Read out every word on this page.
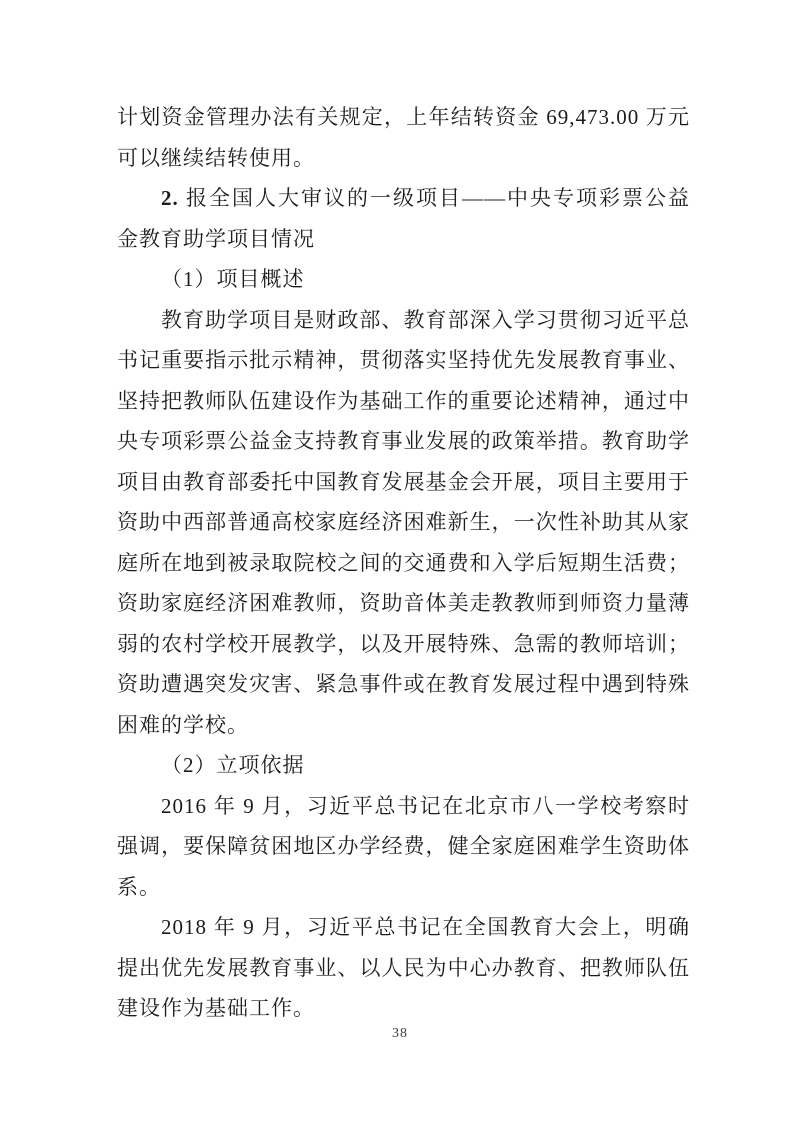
计划资金管理办法有关规定，上年结转资金 69,473.00 万元可以继续结转使用。

2. 报全国人大审议的一级项目——中央专项彩票公益金教育助学项目情况

（1）项目概述

教育助学项目是财政部、教育部深入学习贯彻习近平总书记重要指示批示精神，贯彻落实坚持优先发展教育事业、坚持把教师队伍建设作为基础工作的重要论述精神，通过中央专项彩票公益金支持教育事业发展的政策举措。教育助学项目由教育部委托中国教育发展基金会开展，项目主要用于资助中西部普通高校家庭经济困难新生，一次性补助其从家庭所在地到被录取院校之间的交通费和入学后短期生活费；资助家庭经济困难教师，资助音体美走教教师到师资力量薄弱的农村学校开展教学，以及开展特殊、急需的教师培训；资助遭遇突发灾害、紧急事件或在教育发展过程中遇到特殊困难的学校。

（2）立项依据

2016 年 9 月，习近平总书记在北京市八一学校考察时强调，要保障贫困地区办学经费，健全家庭困难学生资助体系。

2018 年 9 月，习近平总书记在全国教育大会上，明确提出优先发展教育事业、以人民为中心办教育、把教师队伍建设作为基础工作。

38
